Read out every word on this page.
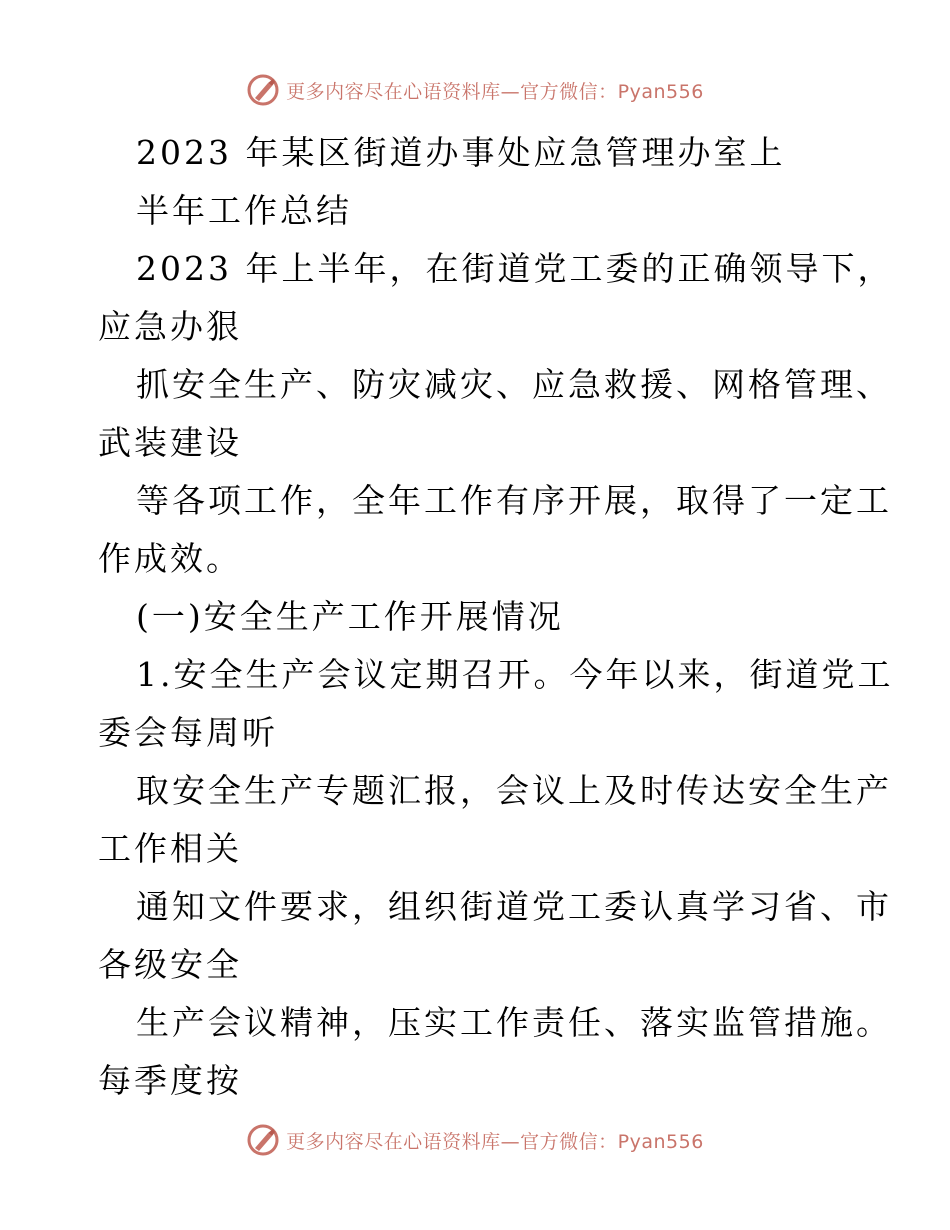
更多内容尽在心语资料库—官方微信：Pyan556
2023 年某区街道办事处应急管理办室上
半年工作总结
2023 年上半年，在街道党工委的正确领导下，
应急办狠
抓安全生产、防灾减灾、应急救援、网格管理、
武装建设
等各项工作，全年工作有序开展，取得了一定工
作成效。
(一)安全生产工作开展情况
1.安全生产会议定期召开。今年以来，街道党工
委会每周听
取安全生产专题汇报，会议上及时传达安全生产
工作相关
通知文件要求，组织街道党工委认真学习省、市
各级安全
生产会议精神，压实工作责任、落实监管措施。
每季度按
更多内容尽在心语资料库—官方微信：Pyan556
